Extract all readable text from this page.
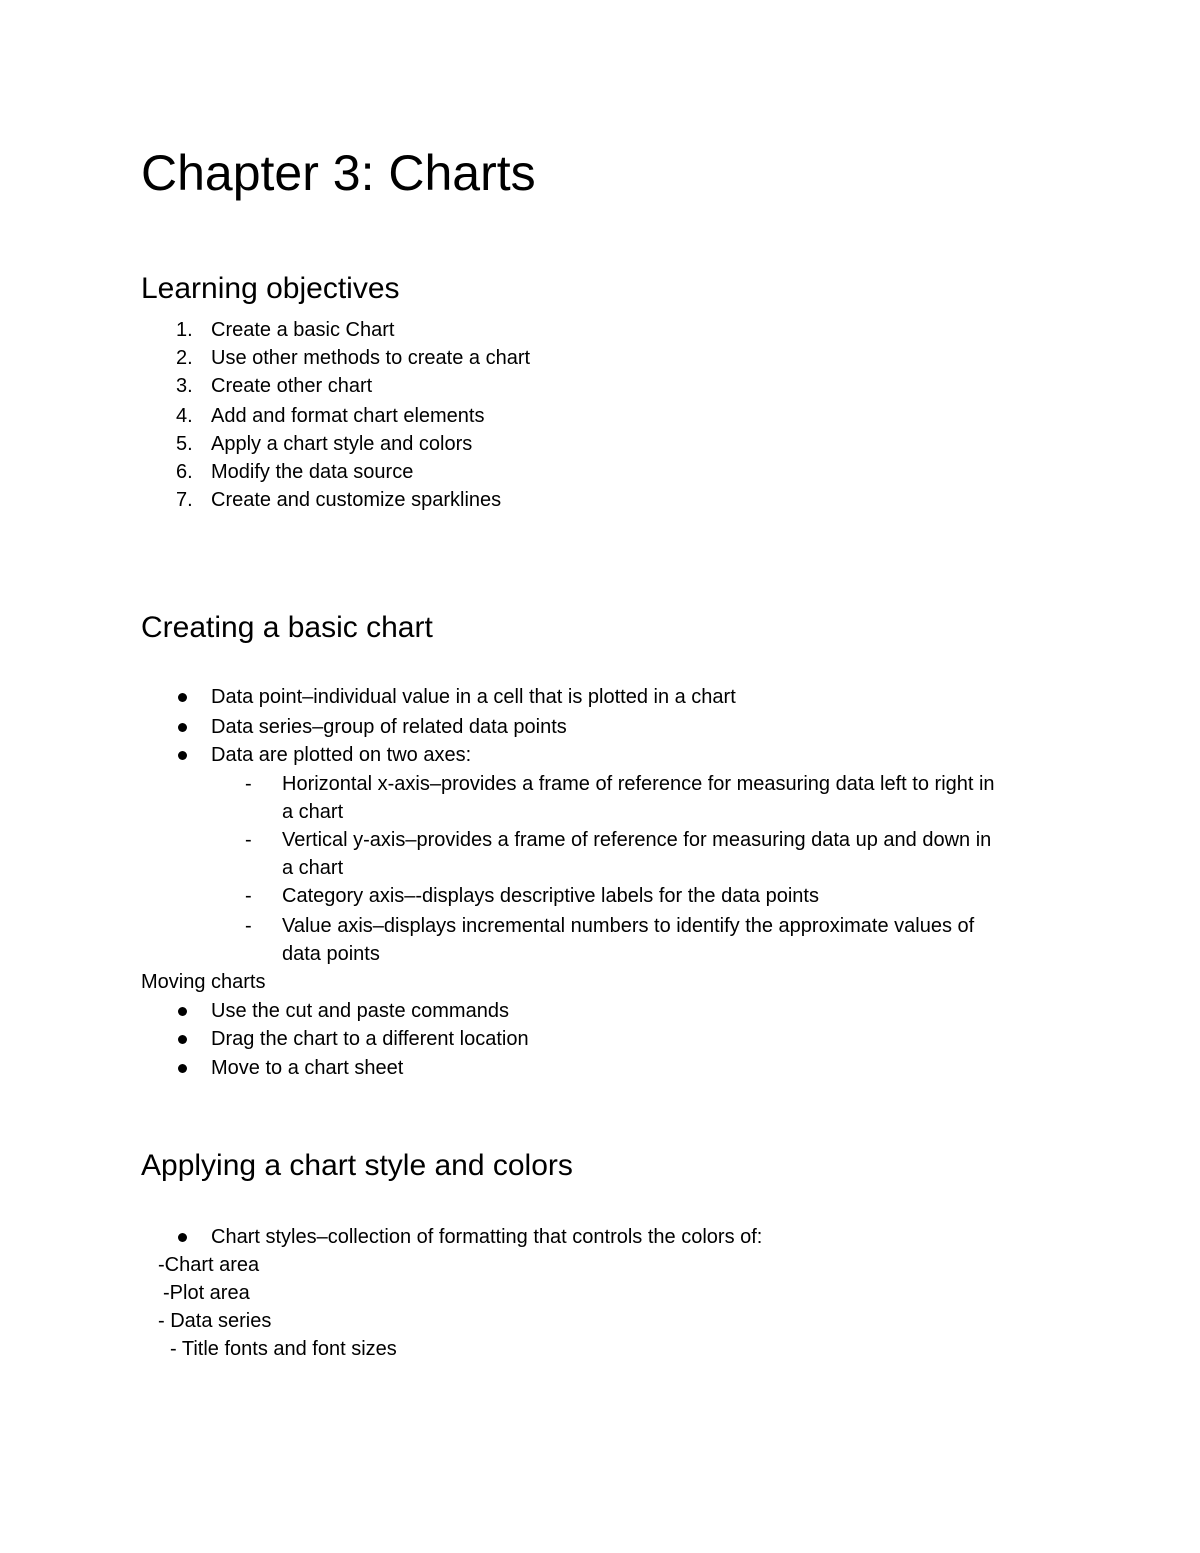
Chapter 3: Charts
Learning objectives
1. Create a basic Chart
2. Use other methods to create a chart
3. Create other chart
4. Add and format chart elements
5. Apply a chart style and colors
6. Modify the data source
7. Create and customize sparklines
Creating a basic chart
Data point–individual value in a cell that is plotted in a chart
Data series–group of related data points
Data are plotted on two axes:
- Horizontal x-axis–provides a frame of reference for measuring data left to right in
a chart
- Vertical y-axis–provides a frame of reference for measuring data up and down in
a chart
- Category axis–-displays descriptive labels for the data points
- Value axis–displays incremental numbers to identify the approximate values of
data points
Moving charts
Use the cut and paste commands
Drag the chart to a different location
Move to a chart sheet
Applying a chart style and colors
Chart styles–collection of formatting that controls the colors of:
-Chart area
-Plot area
- Data series
- Title fonts and font sizes
